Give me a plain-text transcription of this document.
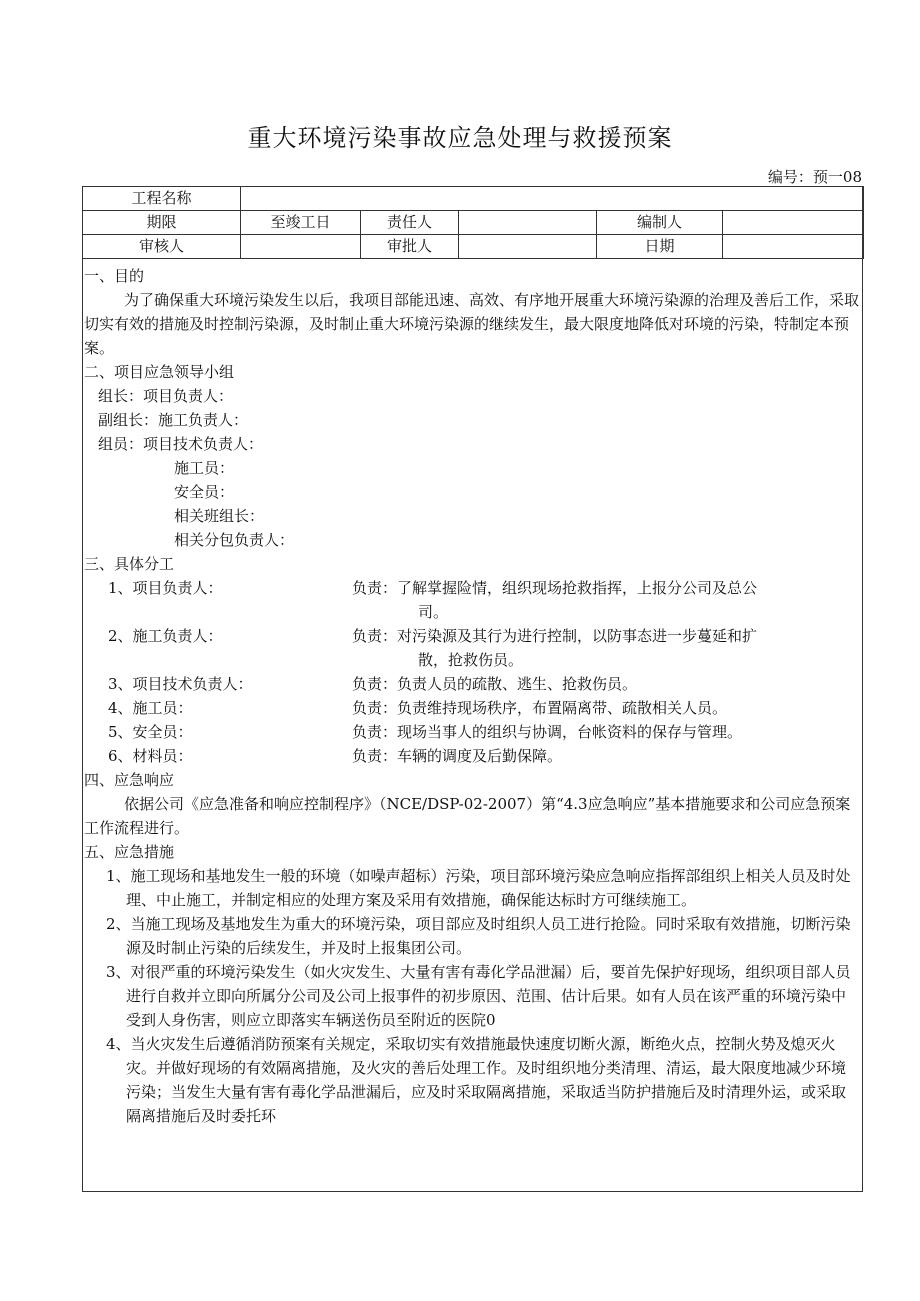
重大环境污染事故应急处理与救援预案
编号：预一08
工程名称					
期限	至竣工日	责任人		编制人	
审核人		审批人		日期	
一、目的
为了确保重大环境污染发生以后，我项目部能迅速、高效、有序地开展重大环境污染源的治理及善后工作，采取切实有效的措施及时控制污染源，及时制止重大环境污染源的继续发生，最大限度地降低对环境的污染，特制定本预案。
二、项目应急领导小组
组长：项目负责人：
副组长：施工负责人：
组员：项目技术负责人：
施工员：
安全员：
相关班组长：
相关分包负责人：
三、具体分工
1、项目负责人：	负责：了解掌握险情，组织现场抢救指挥，上报分公司及总公
司。
2、施工负责人：	负责：对污染源及其行为进行控制，以防事态进一步蔓延和扩
散，抢救伤员。
3、项目技术负责人：	负责：负责人员的疏散、逃生、抢救伤员。
4、施工员：	负责：负责维持现场秩序，布置隔离带、疏散相关人员。
5、安全员：	负责：现场当事人的组织与协调，台帐资料的保存与管理。
6、材料员：	负责：车辆的调度及后勤保障。
四、应急响应
依据公司《应急准备和响应控制程序》（NCE/DSP-02-2007）第“4.3应急响应”基本措施要求和公司应急预案工作流程进行。
五、应急措施
1、施工现场和基地发生一般的环境（如噪声超标）污染，项目部环境污染应急响应指挥部组织上相关人员及时处理、中止施工，并制定相应的处理方案及采用有效措施，确保能达标时方可继续施工。
2、当施工现场及基地发生为重大的环境污染，项目部应及时组织人员工进行抢险。同时采取有效措施，切断污染源及时制止污染的后续发生，并及时上报集团公司。
3、对很严重的环境污染发生（如火灾发生、大量有害有毒化学品泄漏）后，要首先保护好现场，组织项目部人员进行自救并立即向所属分公司及公司上报事件的初步原因、范围、估计后果。如有人员在该严重的环境污染中受到人身伤害，则应立即落实车辆送伤员至附近的医院0
4、当火灾发生后遵循消防预案有关规定，采取切实有效措施最快速度切断火源，断绝火点，控制火势及熄灭火灾。并做好现场的有效隔离措施，及火灾的善后处理工作。及时组织地分类清理、清运，最大限度地减少环境污染；当发生大量有害有毒化学品泄漏后，应及时采取隔离措施，采取适当防护措施后及时清理外运，或采取隔离措施后及时委托环
